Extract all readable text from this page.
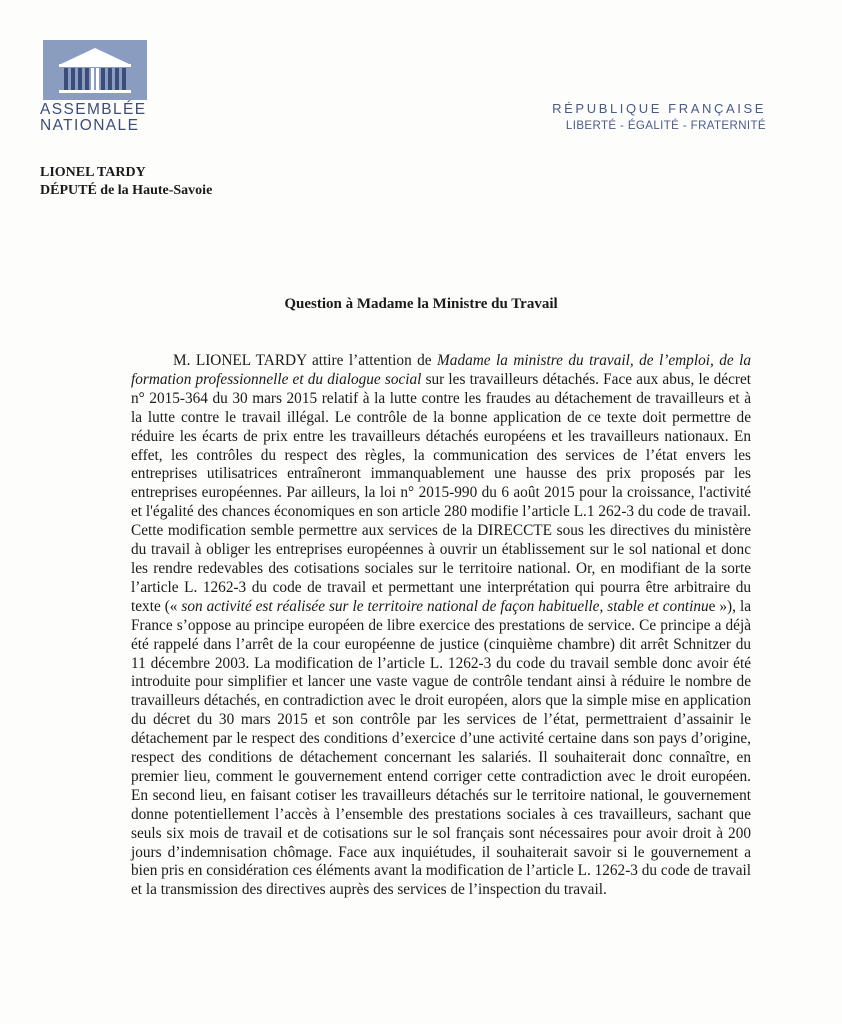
ASSEMBLÉE
NATIONALE
RÉPUBLIQUE FRANÇAISE
LIBERTÉ - ÉGALITÉ - FRATERNITÉ
LIONEL TARDY
DÉPUTÉ de la Haute-Savoie
Question à Madame la Ministre du Travail

M. LIONEL TARDY attire l’attention de Madame la ministre du travail, de l’emploi, de la formation professionnelle et du dialogue social sur les travailleurs détachés. Face aux abus, le décret n° 2015-364 du 30 mars 2015 relatif à la lutte contre les fraudes au détachement de travailleurs et à la lutte contre le travail illégal. Le contrôle de la bonne application de ce texte doit permettre de réduire les écarts de prix entre les travailleurs détachés européens et les travailleurs nationaux. En effet, les contrôles du respect des règles, la communication des services de l’état envers les entreprises utilisatrices entraîneront immanquablement une hausse des prix proposés par les entreprises européennes. Par ailleurs, la loi n° 2015-990 du 6 août 2015 pour la croissance, l'activité et l'égalité des chances économiques en son article 280 modifie l’article L.1 262-3 du code de travail. Cette modification semble permettre aux services de la DIRECCTE sous les directives du ministère du travail à obliger les entreprises européennes à ouvrir un établissement sur le sol national et donc les rendre redevables des cotisations sociales sur le territoire national. Or, en modifiant de la sorte l’article L. 1262-3 du code de travail et permettant une interprétation qui pourra être arbitraire du texte (« son activité est réalisée sur le territoire national de façon habituelle, stable et continue »), la France s’oppose au principe européen de libre exercice des prestations de service. Ce principe a déjà été rappelé dans l’arrêt de la cour européenne de justice (cinquième chambre) dit arrêt Schnitzer du 11 décembre 2003. La modification de l’article L. 1262-3 du code du travail semble donc avoir été introduite pour simplifier et lancer une vaste vague de contrôle tendant ainsi à réduire le nombre de travailleurs détachés, en contradiction avec le droit européen, alors que la simple mise en application du décret du 30 mars 2015 et son contrôle par les services de l’état, permettraient d’assainir le détachement par le respect des conditions d’exercice d’une activité certaine dans son pays d’origine, respect des conditions de détachement concernant les salariés. Il souhaiterait donc connaître, en premier lieu, comment le gouvernement entend corriger cette contradiction avec le droit européen. En second lieu, en faisant cotiser les travailleurs détachés sur le territoire national, le gouvernement donne potentiellement l’accès à l’ensemble des prestations sociales à ces travailleurs, sachant que seuls six mois de travail et de cotisations sur le sol français sont nécessaires pour avoir droit à 200 jours d’indemnisation chômage. Face aux inquiétudes, il souhaiterait savoir si le gouvernement a bien pris en considération ces éléments avant la modification de l’article L. 1262-3 du code de travail et la transmission des directives auprès des services de l’inspection du travail.
